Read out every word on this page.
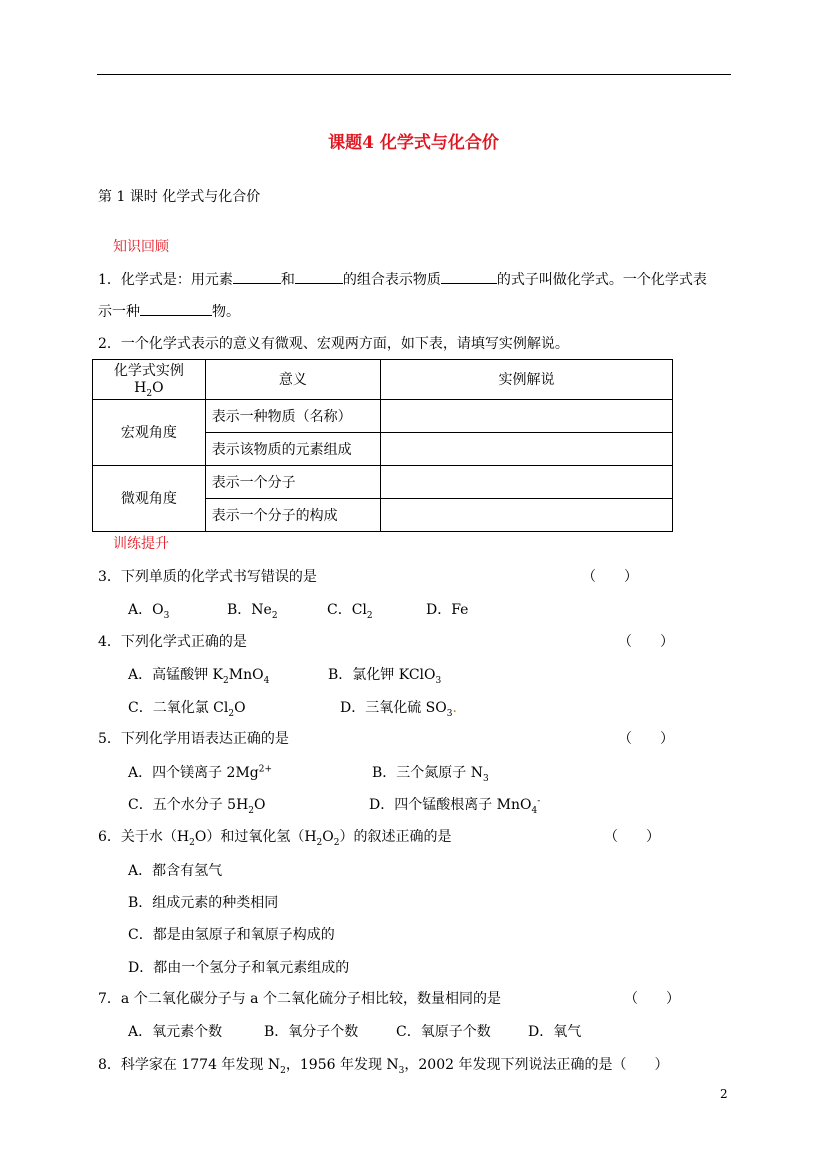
课题4 化学式与化合价
第 1 课时 化学式与化合价
知识回顾
1．化学式是：用元素	和	的组合表示物质	的式子叫做化学式。一个化学式表
示一种	物。
2．一个化学式表示的意义有微观、宏观两方面，如下表，请填写实例解说。
化学式实例 $H_2O$	意义	实例解说
宏观角度	表示一种物质（名称）	
	表示该物质的元素组成	
微观角度	表示一个分子	
	表示一个分子的构成	
训练提升
3．下列单质的化学式书写错误的是	（　　）
A．$O_3$	B．$Ne_2$	C．$Cl_2$	D．Fe
4．下列化学式正确的是	（　　）
A．高锰酸钾 $K_2MnO_4$	B．氯化钾 KClO$_3$
C．二氧化氯 $Cl_2O$	D．三氧化硫 $SO_3$．
5．下列化学用语表达正确的是	（　　）
A．四个镁离子 $2Mg^{2+}$	B．三个氮原子 $N_3$
C．五个水分子 $5H_2O$	D．四个锰酸根离子 MnO$_4$-
6．关于水$(H_2O)$和过氧化氢$(H_2O_2)$的叙述正确的是	（　　）
A．都含有氢气
B．组成元素的种类相同
C．都是由氢原子和氧原子构成的
D．都由一个氢分子和氧元素组成的
7．a 个二氧化碳分子与 a 个二氧化硫分子相比较，数量相同的是	（　　）
A．氧元素个数	B．氧分子个数	C．氧原子个数	D．氧气
8．科学家在 1774 年发现 $N_2$，1956 年发现 $N_3$，2002 年发现下列说法正确的是（　　）
2
